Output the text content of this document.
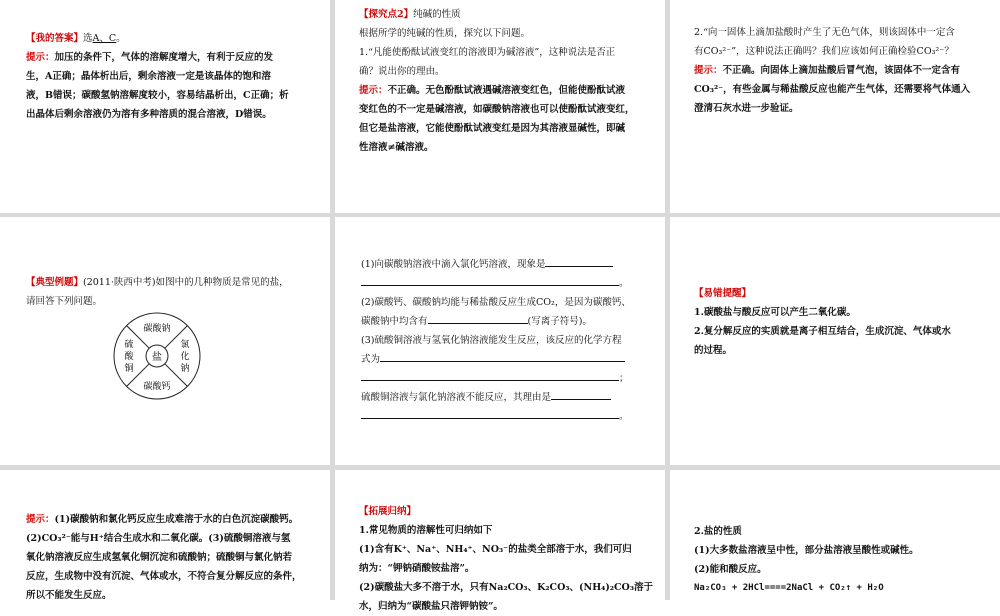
【我的答案】选A、C。

提示：加压的条件下，气体的溶解度增大，有利于反应的发

生，A正确；晶体析出后，剩余溶液一定是该晶体的饱和溶

液，B错误；碳酸氢钠溶解度较小，容易结晶析出，C正确；析

出晶体后剩余溶液仍为溶有多种溶质的混合溶液，D错误。

【探究点2】纯碱的性质

根据所学的纯碱的性质，探究以下问题。

1.“凡能使酚酞试液变红的溶液即为碱溶液”，这种说法是否正

确？说出你的理由。

提示：不正确。无色酚酞试液遇碱溶液变红色，但能使酚酞试液

变红色的不一定是碱溶液，如碳酸钠溶液也可以使酚酞试液变红，

但它是盐溶液，它能使酚酞试液变红是因为其溶液显碱性，即碱

性溶液≠碱溶液。

2.“向一固体上滴加盐酸时产生了无色气体，则该固体中一定含

有CO₃²⁻”，这种说法正确吗？我们应该如何正确检验CO₃²⁻？

提示：不正确。向固体上滴加盐酸后冒气泡，该固体不一定含有

CO₃²⁻，有些金属与稀盐酸反应也能产生气体，还需要将气体通入

澄清石灰水进一步验证。

【典型例题】(2011·陕西中考)如图中的几种物质是常见的盐，

请回答下列问题。

盐
碳酸钠
碳酸钙
硫
酸
铜
氯
化
钠

(1)向碳酸钠溶液中滴入氯化钙溶液，现象是

。

(2)碳酸钙、碳酸钠均能与稀盐酸反应生成CO₂，是因为碳酸钙、

碳酸钠中均含有	(写离子符号)。

(3)硫酸铜溶液与氢氧化钠溶液能发生反应，该反应的化学方程

式为

；

硫酸铜溶液与氯化钠溶液不能反应，其理由是

。

【易错提醒】

1.碳酸盐与酸反应可以产生二氧化碳。

2.复分解反应的实质就是离子相互结合，生成沉淀、气体或水

的过程。

提示：(1)碳酸钠和氯化钙反应生成难溶于水的白色沉淀碳酸钙。

(2)CO₃²⁻能与H⁺结合生成水和二氧化碳。(3)硫酸铜溶液与氢

氧化钠溶液反应生成氢氧化铜沉淀和硫酸钠；硫酸铜与氯化钠若

反应，生成物中没有沉淀、气体或水，不符合复分解反应的条件，

所以不能发生反应。

【拓展归纳】

1.常见物质的溶解性可归纳如下

(1)含有K⁺、Na⁺、NH₄⁺、NO₃⁻的盐类全部溶于水，我们可归

纳为：“钾钠硝酸铵盐溶”。

(2)碳酸盐大多不溶于水，只有Na₂CO₃、K₂CO₃、(NH₄)₂CO₃溶于

水，归纳为“碳酸盐只溶钾钠铵”。

2.盐的性质

(1)大多数盐溶液呈中性，部分盐溶液呈酸性或碱性。

(2)能和酸反应。

Na₂CO₃ + 2HCl====2NaCl + CO₂↑ + H₂O
